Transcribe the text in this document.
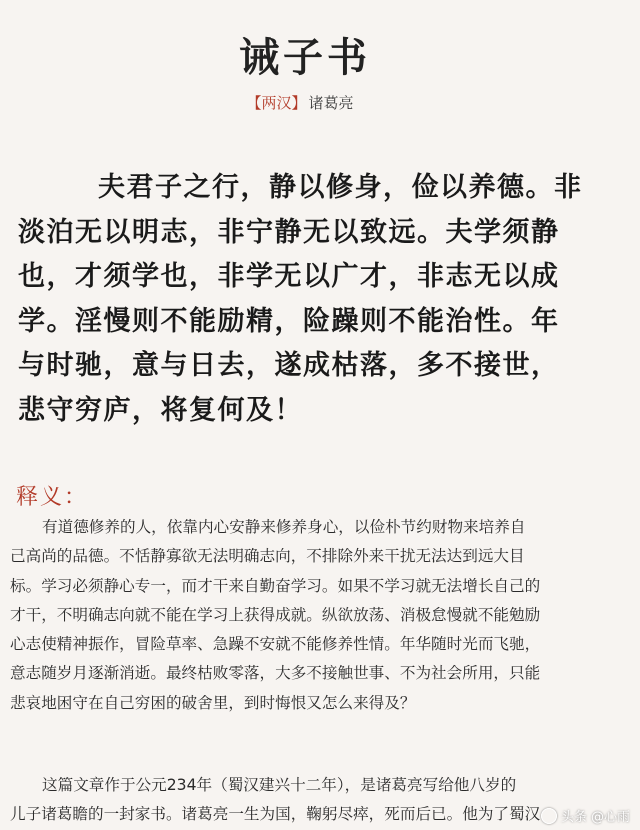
诫子书
【两汉】 诸葛亮

夫君子之行，静以修身，俭以养德。非

淡泊无以明志，非宁静无以致远。夫学须静

也，才须学也，非学无以广才，非志无以成

学。淫慢则不能励精，险躁则不能治性。年

与时驰，意与日去，遂成枯落，多不接世，

悲守穷庐，将复何及！

释义：

有道德修养的人，依靠内心安静来修养身心，以俭朴节约财物来培养自

己高尚的品德。不恬静寡欲无法明确志向，不排除外来干扰无法达到远大目

标。学习必须静心专一，而才干来自勤奋学习。如果不学习就无法增长自己的

才干，不明确志向就不能在学习上获得成就。纵欲放荡、消极怠慢就不能勉励

心志使精神振作，冒险草率、急躁不安就不能修养性情。年华随时光而飞驰，

意志随岁月逐渐消逝。最终枯败零落，大多不接触世事、不为社会所用，只能

悲哀地困守在自己穷困的破舍里，到时悔恨又怎么来得及？

这篇文章作于公元234年（蜀汉建兴十二年），是诸葛亮写给他八岁的

儿子诸葛瞻的一封家书。诸葛亮一生为国，鞠躬尽瘁，死而后已。他为了蜀汉	头条 @心雨
